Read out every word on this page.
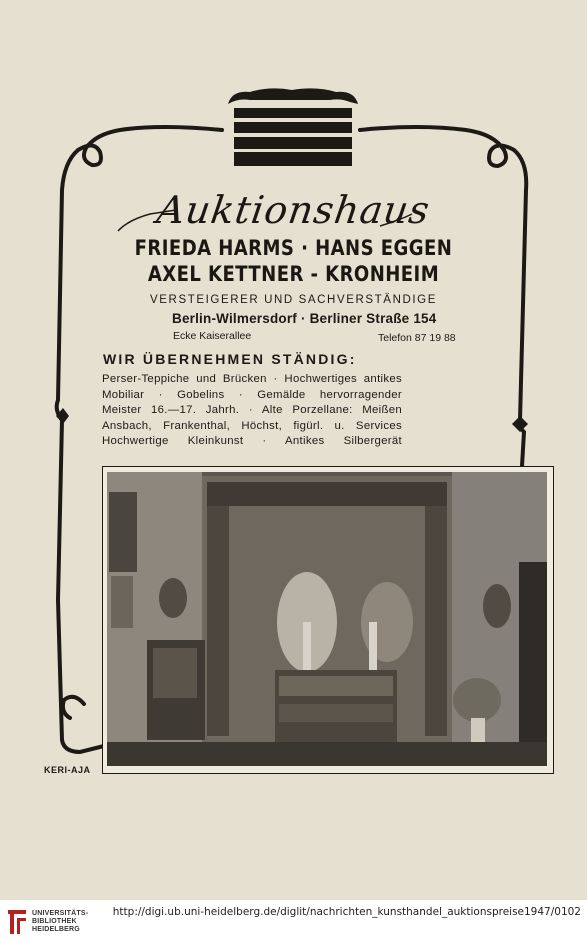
Auktionshaus
FRIEDA HARMS · HANS EGGEN
AXEL KETTNER - KRONHEIM
VERSTEIGERER UND SACHVERSTÄNDIGE
Berlin-Wilmersdorf · Berliner Straße 154
Ecke Kaiserallee	Telefon 87 19 88
WIR ÜBERNEHMEN STÄNDIG:
Perser-Teppiche und Brücken · Hochwertiges antikes
Mobiliar · Gobelins · Gemälde hervorragender
Meister 16.—17. Jahrh. · Alte Porzellane: Meißen
Ansbach, Frankenthal, Höchst, figürl. u. Services
Hochwertige Kleinkunst · Antikes Silbergerät
KERI-AJA
UNIVERSITÄTS-
BIBLIOTHEK
HEIDELBERG
http://digi.ub.uni-heidelberg.de/diglit/nachrichten_kunsthandel_auktionspreise1947/0102
